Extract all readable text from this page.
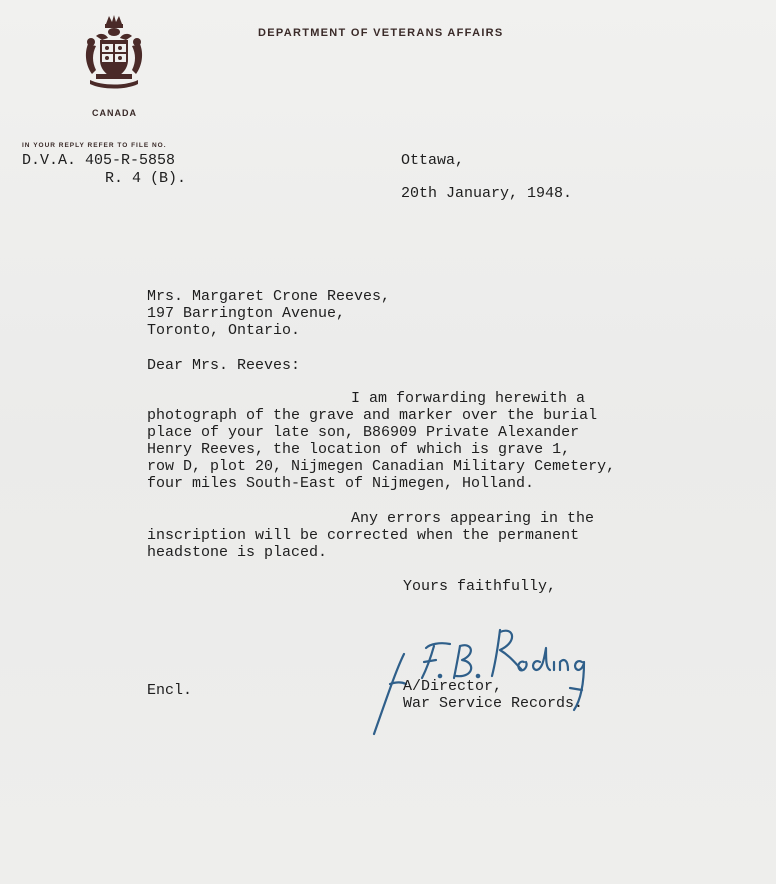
DEPARTMENT OF VETERANS AFFAIRS
CANADA
IN YOUR REPLY REFER TO FILE NO.
D.V.A. 405-R-5858
R. 4 (B).
Ottawa,
20th January, 1948.
Mrs. Margaret Crone Reeves,
197 Barrington Avenue,
Toronto, Ontario.
Dear Mrs. Reeves:
I am forwarding herewith a
photograph of the grave and marker over the burial
place of your late son, B86909 Private Alexander
Henry Reeves, the location of which is grave 1,
row D, plot 20, Nijmegen Canadian Military Cemetery,
four miles South-East of Nijmegen, Holland.
Any errors appearing in the
inscription will be corrected when the permanent
headstone is placed.
Yours faithfully,
Encl.	A/Director,
War Service Records.
